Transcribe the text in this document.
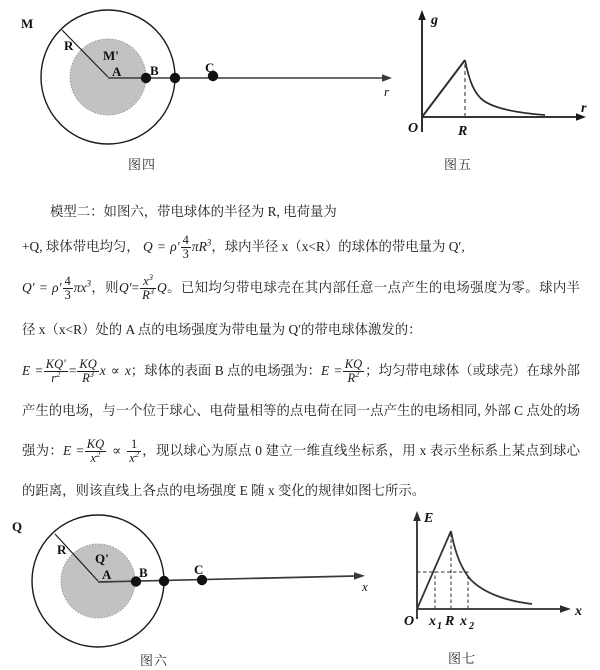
M
R
M'
A B	C
r
图四
g
r
O	R
图五

模型二：如图六，带电球体的半径为 R, 电荷量为

+Q, 球体带电均匀， $Q = \rho' \frac{4}{3} \pi R^3$，球内半径 x（x<R）的球体的带电量为 Q′,

$Q' = \rho' \frac{4}{3} \pi x^3$，则$Q'= \frac{x^3}{R^3}$ Q。已知均匀带电球壳在其内部任意一点产生的电场强度为零。球内半径 x（x<R）处的 A 点的电场强度为带电量为 Q′的带电球体激发的：

$E = \frac{KQ'}{r^2} = \frac{KQ}{R^3}$ x ∝ x；球体的表面 B 点的电场强为：$E = \frac{KQ}{R^2}$ ；均匀带电球体（或球壳）在球外部产生的电场，与一个位于球心、电荷量相等的点电荷在同一点产生的电场相同, 外部 C 点处的场强为：$E = \frac{KQ}{x^2} \propto \frac{1}{x^2}$ ，现以球心为原点 0 建立一维直线坐标系，用 x 表示坐标系上某点到球心的距离，则该直线上各点的电场强度 E 随 x 变化的规律如图七所示。

Q
R
Q'
A B	C
x
图六
E
x
O x 1 R x 2
图七
